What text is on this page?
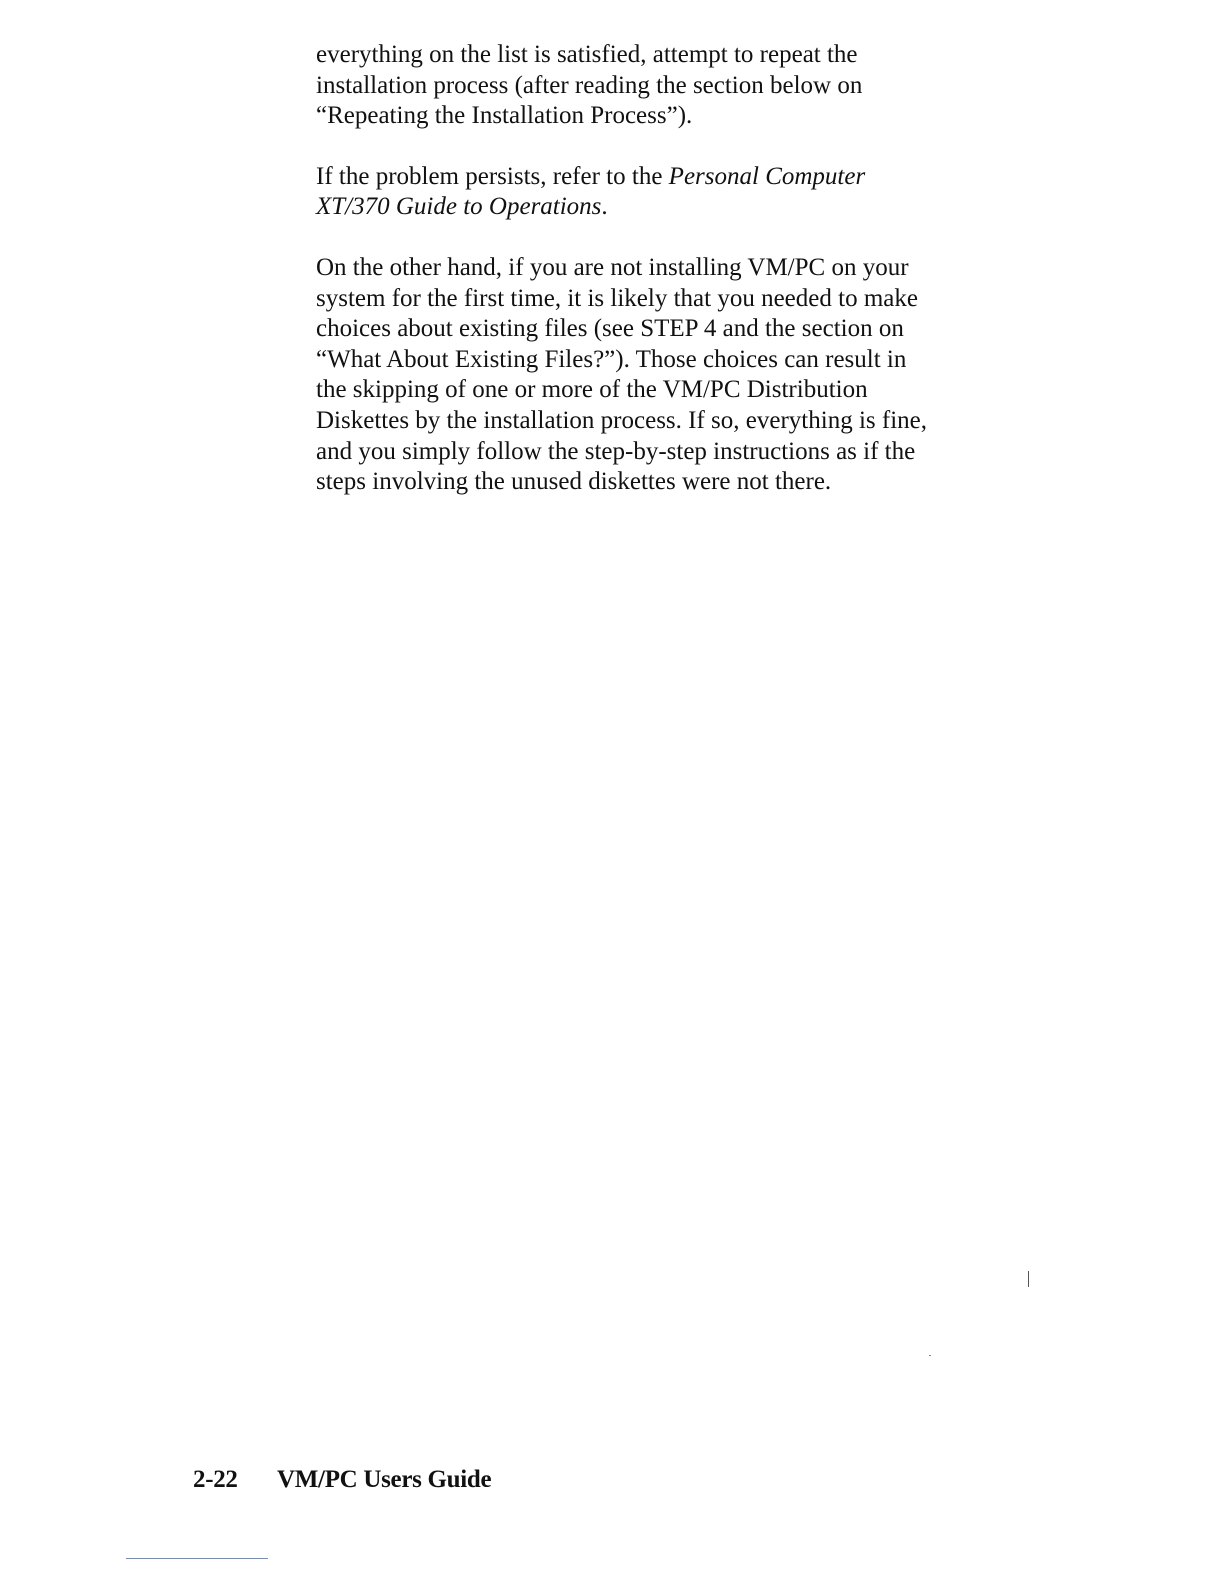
everything on the list is satisfied, attempt to repeat the
installation process (after reading the section below on
“Repeating the Installation Process”).

If the problem persists, refer to the Personal Computer
XT/370 Guide to Operations.

On the other hand, if you are not installing VM/PC on your
system for the first time, it is likely that you needed to make
choices about existing files (see STEP 4 and the section on
“What About Existing Files?”). Those choices can result in
the skipping of one or more of the VM/PC Distribution
Diskettes by the installation process. If so, everything is fine,
and you simply follow the step-by-step instructions as if the
steps involving the unused diskettes were not there.

2-22 VM/PC Users Guide
